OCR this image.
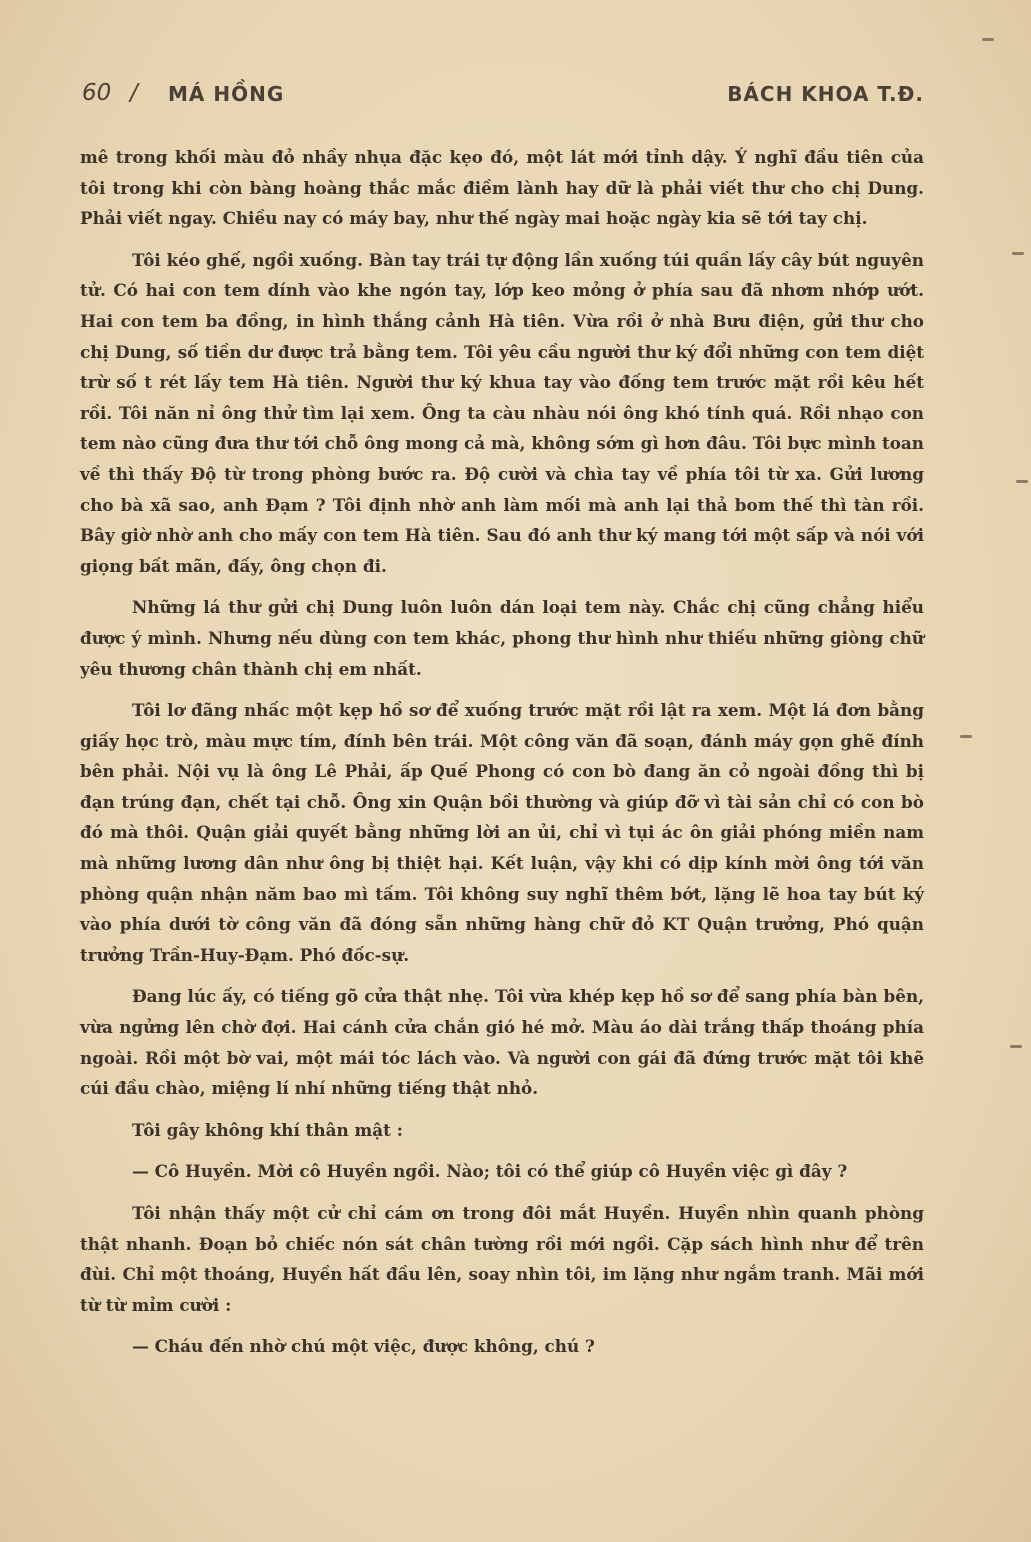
60 / MÁ HỒNG	BÁCH KHOA T.Đ.

mê trong khối màu đỏ nhầy nhụa đặc kẹo đó, một lát mới tỉnh dậy. Ý nghĩ đầu tiên của tôi trong khi còn bàng hoàng thắc mắc điềm lành hay dữ là phải viết thư cho chị Dung. Phải viết ngay. Chiều nay có máy bay, như thế ngày mai hoặc ngày kia sẽ tới tay chị.

Tôi kéo ghế, ngồi xuống. Bàn tay trái tự động lần xuống túi quần lấy cây bút nguyên tử. Có hai con tem dính vào khe ngón tay, lớp keo mỏng ở phía sau đã nhơm nhớp ướt. Hai con tem ba đồng, in hình thắng cảnh Hà tiên. Vừa rồi ở nhà Bưu điện, gửi thư cho chị Dung, số tiền dư được trả bằng tem. Tôi yêu cầu người thư ký đổi những con tem diệt trừ số t rét lấy tem Hà tiên. Người thư ký khua tay vào đống tem trước mặt rồi kêu hết rồi. Tôi năn nỉ ông thử tìm lại xem. Ông ta càu nhàu nói ông khó tính quá. Rồi nhạo con tem nào cũng đưa thư tới chỗ ông mong cả mà, không sớm gì hơn đâu. Tôi bực mình toan về thì thấy Độ từ trong phòng bước ra. Độ cười và chìa tay về phía tôi từ xa. Gửi lương cho bà xã sao, anh Đạm ? Tôi định nhờ anh làm mối mà anh lại thả bom thế thì tàn rồi. Bây giờ nhờ anh cho mấy con tem Hà tiên. Sau đó anh thư ký mang tới một sấp và nói với giọng bất mãn, đấy, ông chọn đi.

Những lá thư gửi chị Dung luôn luôn dán loại tem này. Chắc chị cũng chẳng hiểu được ý mình. Nhưng nếu dùng con tem khác, phong thư hình như thiếu những giòng chữ yêu thương chân thành chị em nhất.

Tôi lơ đãng nhấc một kẹp hồ sơ để xuống trước mặt rồi lật ra xem. Một lá đơn bằng giấy học trò, màu mực tím, đính bên trái. Một công văn đã soạn, đánh máy gọn ghẽ đính bên phải. Nội vụ là ông Lê Phải, ấp Quế Phong có con bò đang ăn cỏ ngoài đồng thì bị đạn trúng đạn, chết tại chỗ. Ông xin Quận bồi thường và giúp đỡ vì tài sản chỉ có con bò đó mà thôi. Quận giải quyết bằng những lời an ủi, chỉ vì tụi ác ôn giải phóng miền nam mà những lương dân như ông bị thiệt hại. Kết luận, vậy khi có dịp kính mời ông tới văn phòng quận nhận năm bao mì tấm. Tôi không suy nghĩ thêm bớt, lặng lẽ hoa tay bút ký vào phía dưới tờ công văn đã đóng sẵn những hàng chữ đỏ KT Quận trưởng, Phó quận trưởng Trần-Huy-Đạm. Phó đốc-sự.

Đang lúc ấy, có tiếng gõ cửa thật nhẹ. Tôi vừa khép kẹp hồ sơ để sang phía bàn bên, vừa ngửng lên chờ đợi. Hai cánh cửa chắn gió hé mở. Màu áo dài trắng thấp thoáng phía ngoài. Rồi một bờ vai, một mái tóc lách vào. Và người con gái đã đứng trước mặt tôi khẽ cúi đầu chào, miệng lí nhí những tiếng thật nhỏ.

Tôi gây không khí thân mật :

— Cô Huyền. Mời cô Huyền ngồi. Nào; tôi có thể giúp cô Huyền việc gì đây ?

Tôi nhận thấy một cử chỉ cám ơn trong đôi mắt Huyền. Huyền nhìn quanh phòng thật nhanh. Đoạn bỏ chiếc nón sát chân tường rồi mới ngồi. Cặp sách hình như để trên đùi. Chỉ một thoáng, Huyền hất đầu lên, soay nhìn tôi, im lặng như ngắm tranh. Mãi mới từ từ mỉm cười :

— Cháu đến nhờ chú một việc, được không, chú ?
